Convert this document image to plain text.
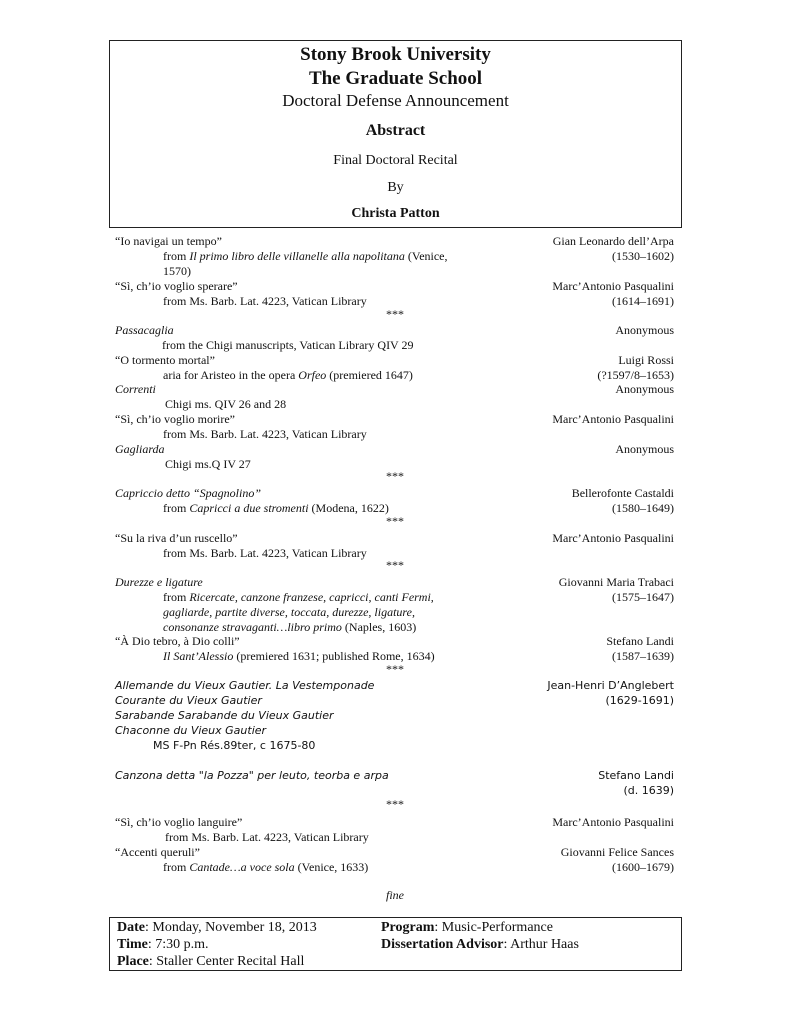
Stony Brook University
The Graduate School
Doctoral Defense Announcement
Abstract
Final Doctoral Recital
By
Christa Patton
“Io navigai un tempo”	Gian Leonardo dell’Arpa
from Il primo libro delle villanelle alla napolitana (Venice,	(1530–1602)
1570)
“Sì, ch’io voglio sperare”	Marc’Antonio Pasqualini
from Ms. Barb. Lat. 4223, Vatican Library	(1614–1691)
***
Passacaglia	Anonymous
from the Chigi manuscripts, Vatican Library QIV 29
“O tormento mortal”	Luigi Rossi
aria for Aristeo in the opera Orfeo (premiered 1647)	(?1597/8–1653)
Correnti	Anonymous
Chigi ms. QIV 26 and 28
“Sì, ch’io voglio morire”	Marc’Antonio Pasqualini
from Ms. Barb. Lat. 4223, Vatican Library
Gagliarda	Anonymous
Chigi ms.Q IV 27
***
Capriccio detto “Spagnolino”	Bellerofonte Castaldi
from Capricci a due stromenti (Modena, 1622)	(1580–1649)
***
“Su la riva d’un ruscello”	Marc’Antonio Pasqualini
from Ms. Barb. Lat. 4223, Vatican Library
***
Durezze e ligature	Giovanni Maria Trabaci
from Ricercate, canzone franzese, capricci, canti Fermi,	(1575–1647)
gagliarde, partite diverse, toccata, durezze, ligature,
consonanze stravaganti…libro primo (Naples, 1603)
“À Dio tebro, à Dio colli”	Stefano Landi
Il Sant’Alessio (premiered 1631; published Rome, 1634)	(1587–1639)
***
Allemande du Vieux Gautier. La Vestemponade	Jean-Henri D’Anglebert
Courante du Vieux Gautier	(1629-1691)
Sarabande Sarabande du Vieux Gautier
Chaconne du Vieux Gautier
MS F-Pn Rés.89ter, c 1675-80
Canzona detta "la Pozza" per leuto, teorba e arpa	Stefano Landi
(d. 1639)
***
“Sì, ch’io voglio languire”	Marc’Antonio Pasqualini
from Ms. Barb. Lat. 4223, Vatican Library
“Accenti queruli”	Giovanni Felice Sances
from Cantade…a voce sola (Venice, 1633)	(1600–1679)
fine
Date: Monday, November 18, 2013
Time: 7:30 p.m.
Place: Staller Center Recital Hall
Program: Music-Performance
Dissertation Advisor: Arthur Haas
